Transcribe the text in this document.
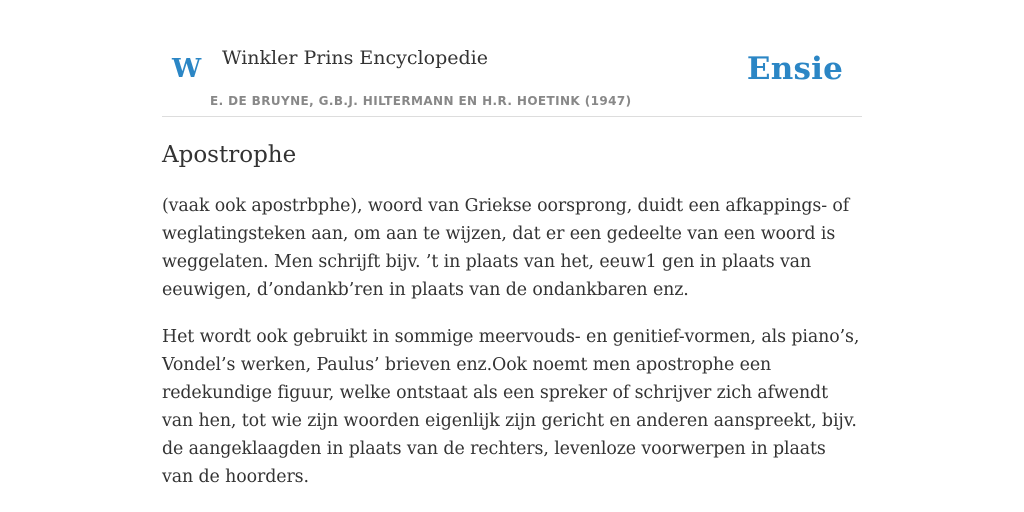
W Winkler Prins Encyclopedie	Ensie
E. DE BRUYNE, G.B.J. HILTERMANN EN H.R. HOETINK (1947)
Apostrophe

(vaak ook apostrbphe), woord van Griekse oorsprong, duidt een afkappings- of weglatingsteken aan, om aan te wijzen, dat er een gedeelte van een woord is weggelaten. Men schrijft bijv. ’t in plaats van het, eeuw1 gen in plaats van eeuwigen, d’ondankb’ren in plaats van de ondankbaren enz.

Het wordt ook gebruikt in sommige meervouds- en genitief-vormen, als piano’s, Vondel’s werken, Paulus’ brieven enz.Ook noemt men apostrophe een redekundige figuur, welke ontstaat als een spreker of schrijver zich afwendt van hen, tot wie zijn woorden eigenlijk zijn gericht en anderen aanspreekt, bijv. de aangeklaagden in plaats van de rechters, levenloze voorwerpen in plaats van de hoorders.
